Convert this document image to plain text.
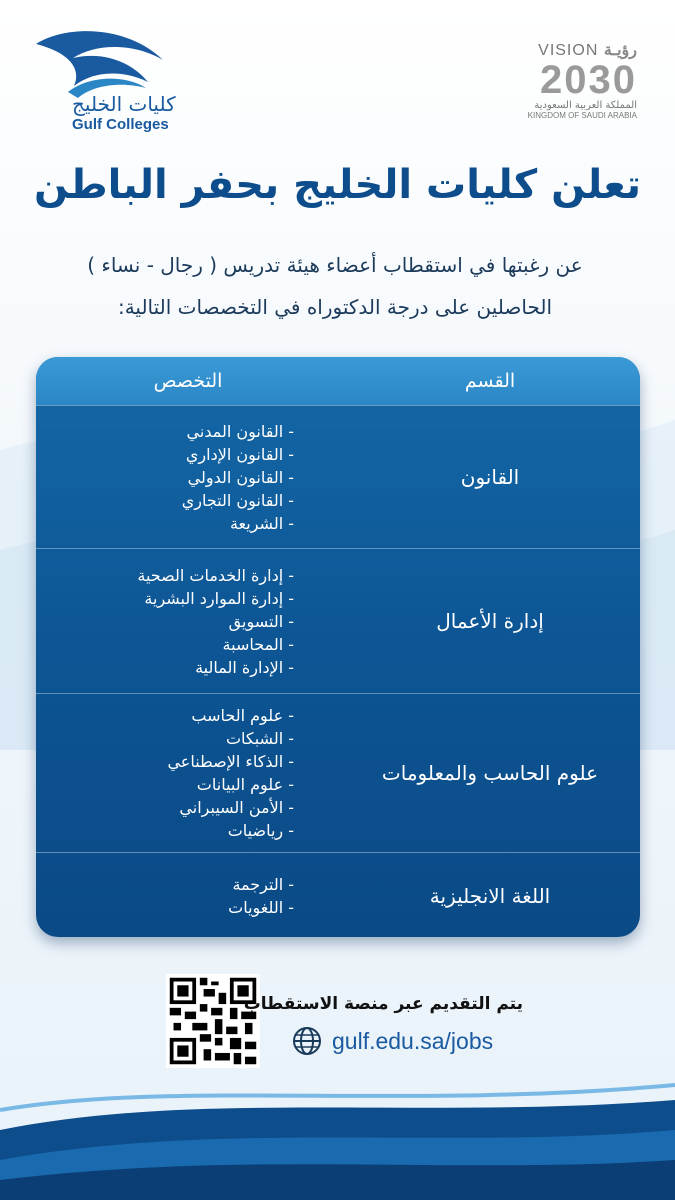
كليات الخليج
Gulf Colleges
VISION رؤيـة
2030
المملكة العربية السعودية
KINGDOM OF SAUDI ARABIA
تعلن كليات الخليج بحفر الباطن
عن رغبتها في استقطاب أعضاء هيئة تدريس ( رجال - نساء )
الحاصلين على درجة الدكتوراه في التخصصات التالية:
القسم
التخصص
القانون
- القانون المدني
- القانون الإداري
- القانون الدولي
- القانون التجاري
- الشريعة
إدارة الأعمال
- إدارة الخدمات الصحية
- إدارة الموارد البشرية
- التسويق
- المحاسبة
- الإدارة المالية
علوم الحاسب والمعلومات
- علوم الحاسب
- الشبكات
- الذكاء الإصطناعي
- علوم البيانات
- الأمن السيبراني
- رياضيات
اللغة الانجليزية
- الترجمة
- اللغويات
يتم التقديم عبر منصة الاستقطاب
gulf.edu.sa/jobs
